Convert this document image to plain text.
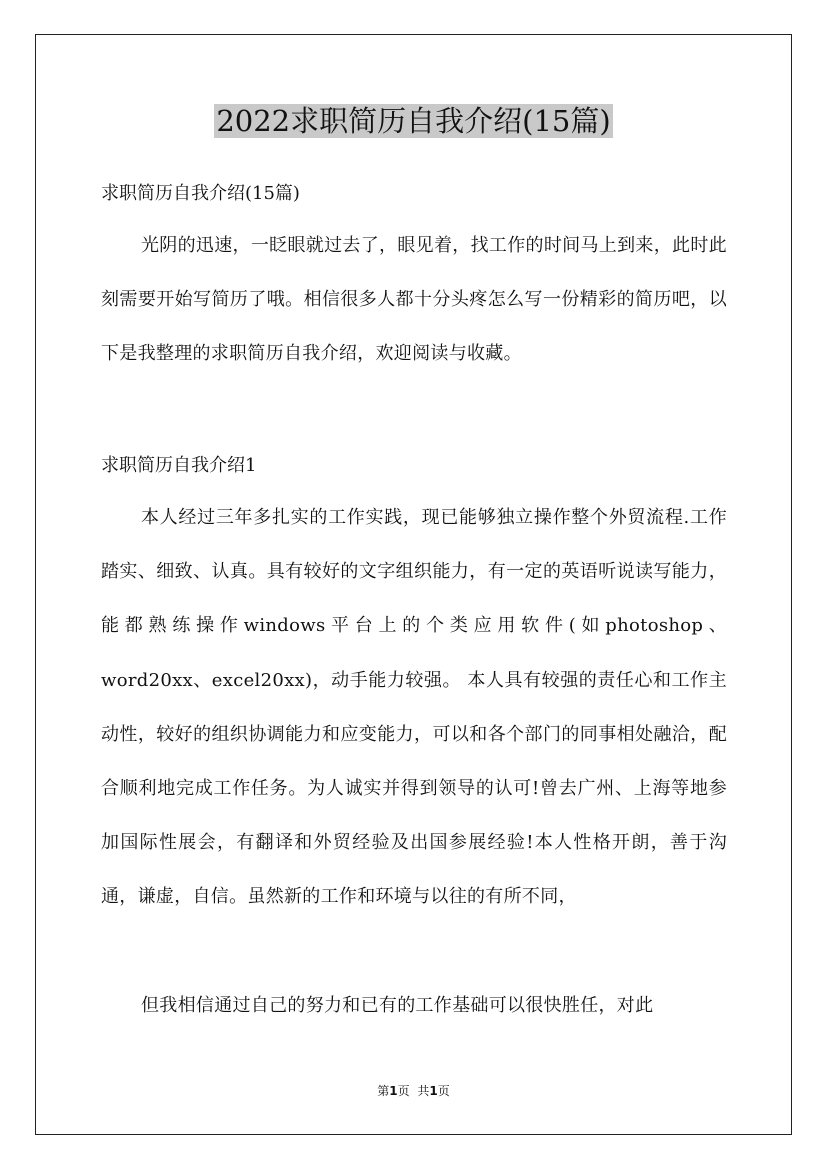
2022求职简历自我介绍(15篇)

求职简历自我介绍(15篇)

光阴的迅速，一眨眼就过去了，眼见着，找工作的时间马上到来，此时此刻需要开始写简历了哦。相信很多人都十分头疼怎么写一份精彩的简历吧，以下是我整理的求职简历自我介绍，欢迎阅读与收藏。

求职简历自我介绍1

本人经过三年多扎实的工作实践，现已能够独立操作整个外贸流程.工作踏实、细致、认真。具有较好的文字组织能力，有一定的英语听说读写能力，能都熟练操作windows平台上的个类应用软件(如photoshop、word20xx、excel20xx)，动手能力较强。 本人具有较强的责任心和工作主动性，较好的组织协调能力和应变能力，可以和各个部门的同事相处融洽，配合顺利地完成工作任务。为人诚实并得到领导的认可!曾去广州、上海等地参加国际性展会，有翻译和外贸经验及出国参展经验!本人性格开朗，善于沟通，谦虚，自信。虽然新的工作和环境与以往的有所不同，

但我相信通过自己的努力和已有的工作基础可以很快胜任，对此

第1页 共1页
